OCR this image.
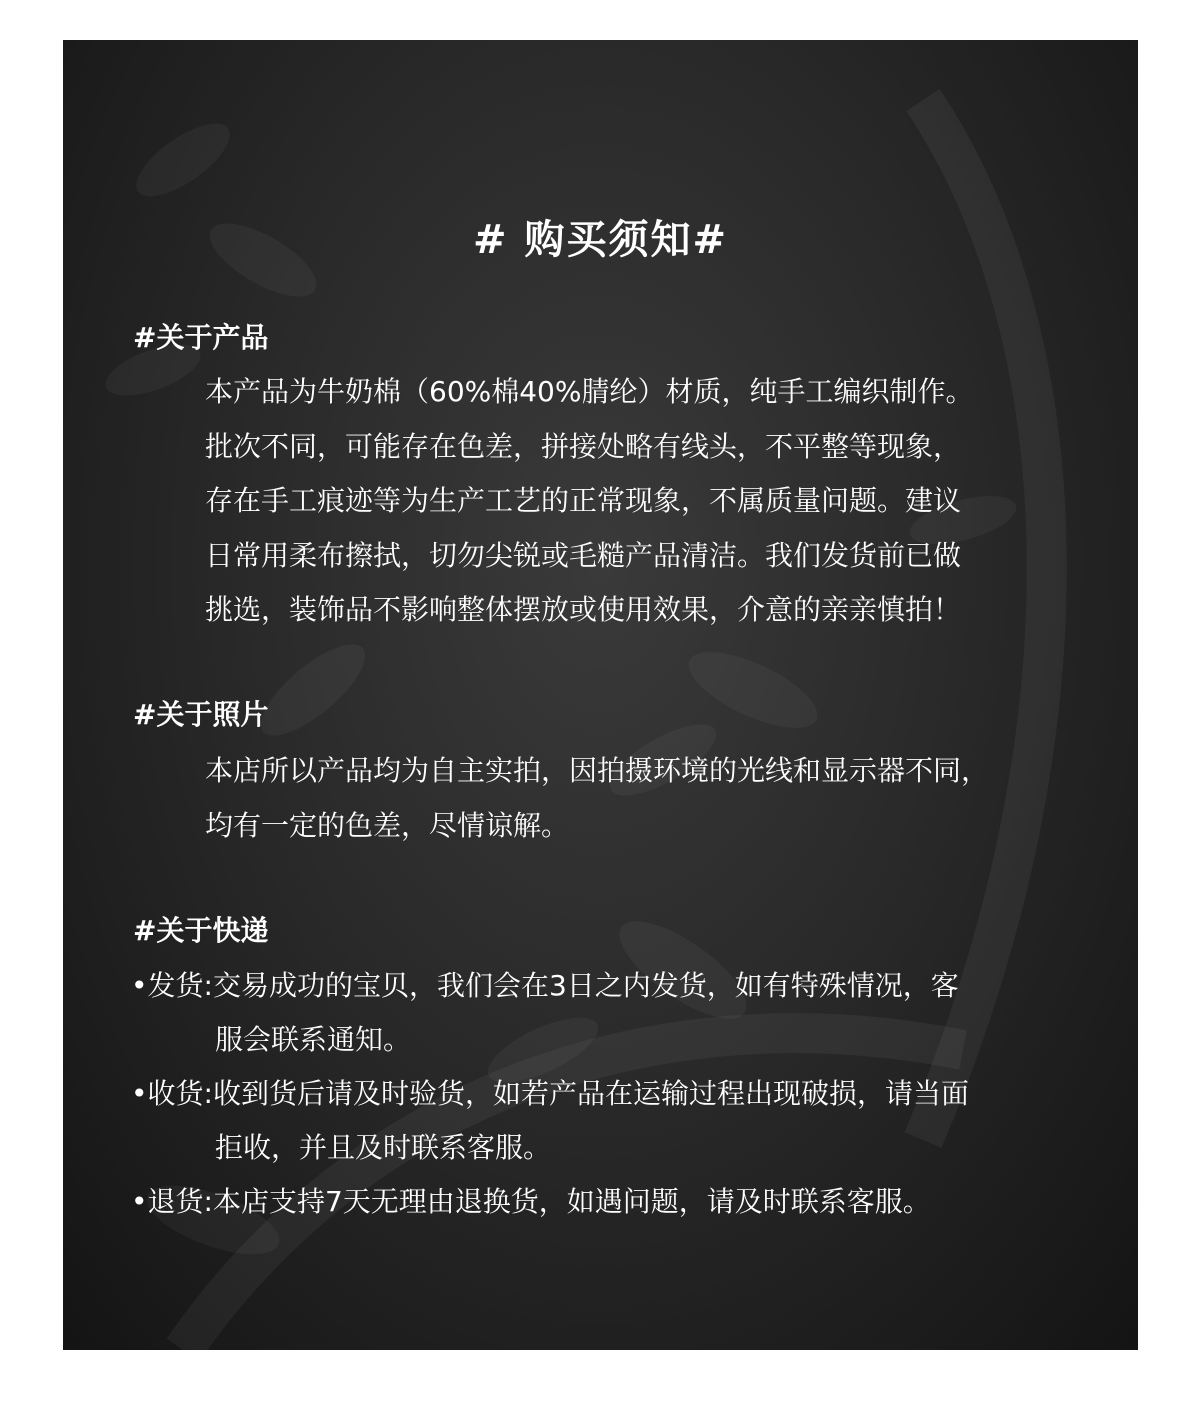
# 购买须知#
#关于产品
本产品为牛奶棉（60%棉40%腈纶）材质，纯手工编织制作。
批次不同，可能存在色差，拼接处略有线头，不平整等现象，
存在手工痕迹等为生产工艺的正常现象，不属质量问题。建议
日常用柔布擦拭，切勿尖锐或毛糙产品清洁。我们发货前已做
挑选，装饰品不影响整体摆放或使用效果，介意的亲亲慎拍！
#关于照片
本店所以产品均为自主实拍，因拍摄环境的光线和显示器不同，
均有一定的色差，尽情谅解。
#关于快递
•发货:交易成功的宝贝，我们会在3日之内发货，如有特殊情况，客
服会联系通知。
•收货:收到货后请及时验货，如若产品在运输过程出现破损，请当面
拒收，并且及时联系客服。
•退货:本店支持7天无理由退换货，如遇问题，请及时联系客服。
